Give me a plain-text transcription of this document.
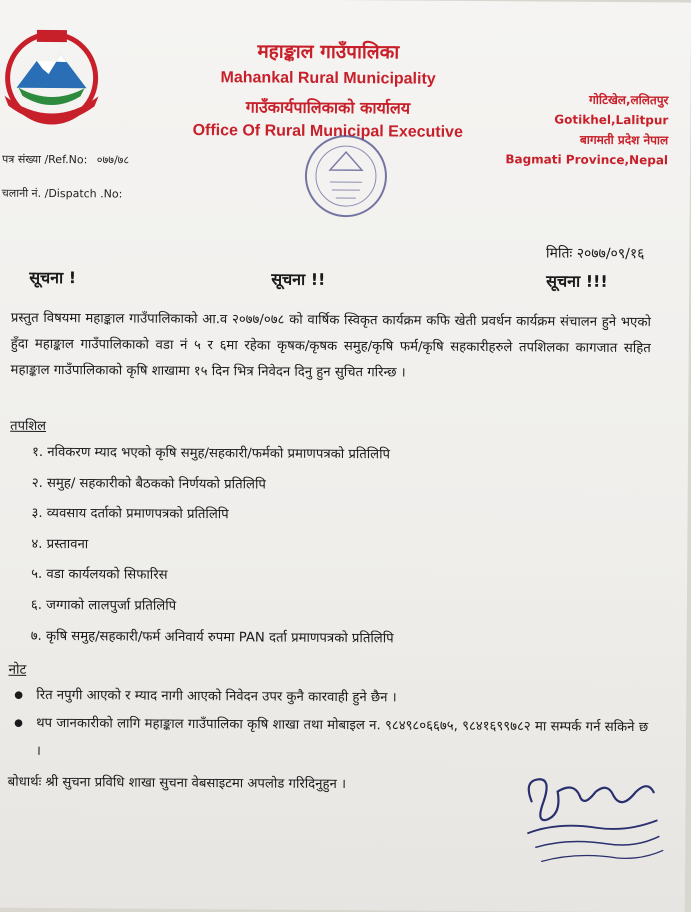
महाङ्काल गाउँपालिका
Mahankal Rural Municipality
गाउँकार्यपालिकाको कार्यालय
Office Of Rural Municipal Executive
गोटिखेल,ललितपुर
Gotikhel,Lalitpur
बागमती प्रदेश नेपाल
Bagmati Province,Nepal
पत्र संख्या /Ref.No: ०७७/७८
चलानी नं. /Dispatch .No:
मितिः २०७७/०९/१६
सूचना !	सूचना !!	सूचना !!!
प्रस्तुत विषयमा महाङ्काल गाउँपालिकाको आ.व २०७७/०७८ को वार्षिक स्विकृत कार्यक्रम कफि खेती प्रवर्धन कार्यक्रम संचालन हुने भएको हुँदा महाङ्काल गाउँपालिकाको वडा नं ५ र ६मा रहेका कृषक/कृषक समुह/कृषि फर्म/कृषि सहकारीहरुले तपशिलका कागजात सहित महाङ्काल गाउँपालिकाको कृषि शाखामा १५ दिन भित्र निवेदन दिनु हुन सुचित गरिन्छ ।
तपशिल
१. नविकरण म्याद भएको कृषि समुह/सहकारी/फर्मको प्रमाणपत्रको प्रतिलिपि
२. समुह/ सहकारीको बैठकको निर्णयको प्रतिलिपि
३. व्यवसाय दर्ताको प्रमाणपत्रको प्रतिलिपि
४. प्रस्तावना
५. वडा कार्यलयको सिफारिस
६. जग्गाको लालपुर्जा प्रतिलिपि
७. कृषि समुह/सहकारी/फर्म अनिवार्य रुपमा PAN दर्ता प्रमाणपत्रको प्रतिलिपि
नोट
● रित नपुगी आएको र म्याद नागी आएको निवेदन उपर कुनै कारवाही हुने छैन ।
● थप जानकारीको लागि महाङ्काल गाउँपालिका कृषि शाखा तथा मोबाइल न. ९८४९८०६६७५, ९८४१६९९७८२ मा सम्पर्क गर्न सकिने छ ।
बोधार्थः श्री सुचना प्रविधि शाखा सुचना वेबसाइटमा अपलोड गरिदिनुहुन ।
